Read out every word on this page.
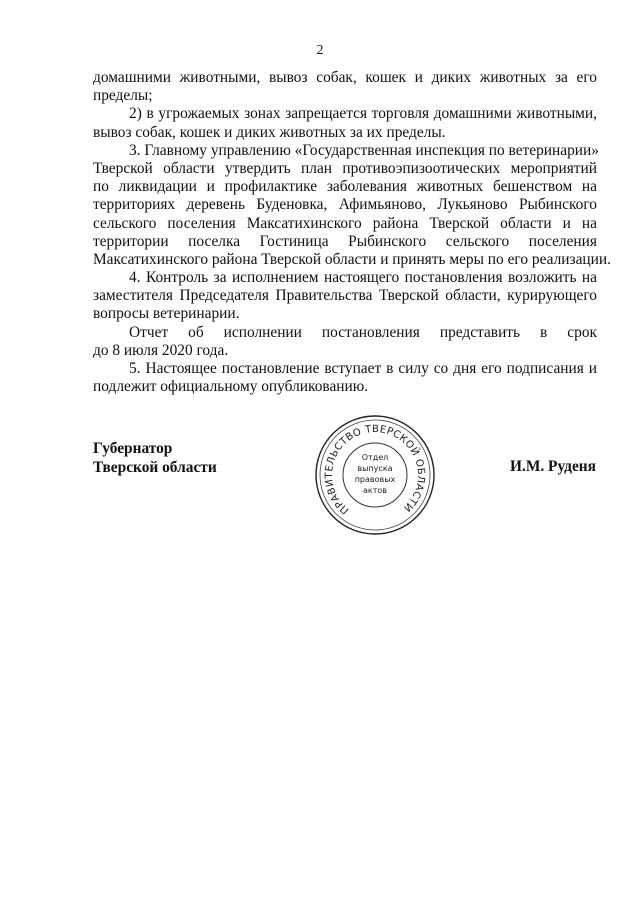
2
домашними животными, вывоз собак, кошек и диких животных за его
пределы;
2) в угрожаемых зонах запрещается торговля домашними животными,
вывоз собак, кошек и диких животных за их пределы.
3. Главному управлению «Государственная инспекция по ветеринарии»
Тверской области утвердить план противоэпизоотических мероприятий
по ликвидации и профилактике заболевания животных бешенством на
территориях деревень Буденовка, Афимьяново, Лукьяново Рыбинского
сельского поселения Максатихинского района Тверской области и на
территории поселка Гостиница Рыбинского сельского поселения
Максатихинского района Тверской области и принять меры по его реализации.
4. Контроль за исполнением настоящего постановления возложить на
заместителя Председателя Правительства Тверской области, курирующего
вопросы ветеринарии.
Отчет об исполнении постановления представить в срок
до 8 июля 2020 года.
5. Настоящее постановление вступает в силу со дня его подписания и
подлежит официальному опубликованию.
Губернатор
Тверской области
ПРАВИТЕЛЬСТВО ТВЕРСКОЙ ОБЛАСТИ
Отдел
выпуска
правовых
актов
И.М. Руденя
